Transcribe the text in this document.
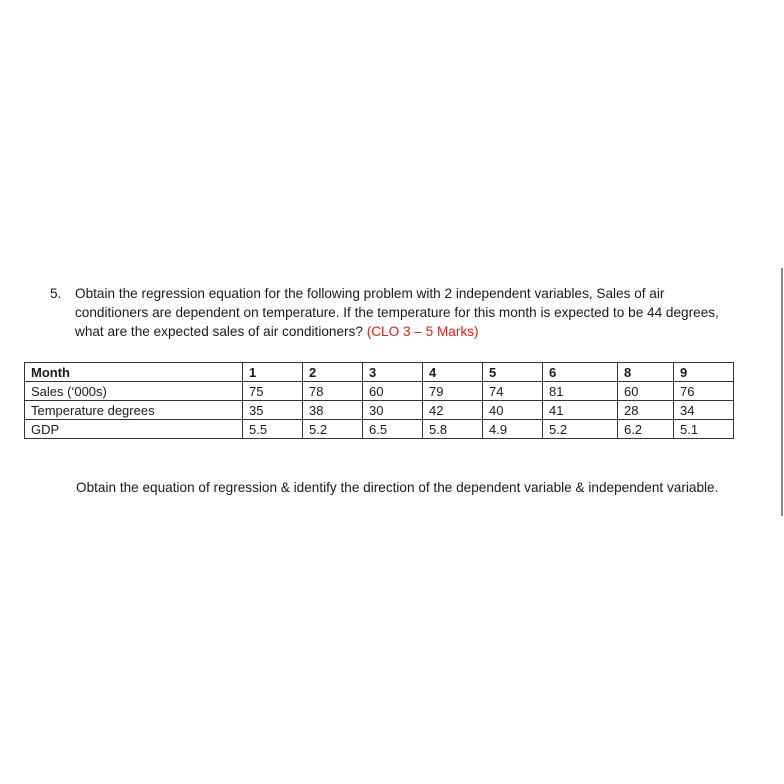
5. Obtain the regression equation for the following problem with 2 independent variables, Sales of air conditioners are dependent on temperature. If the temperature for this month is expected to be 44 degrees, what are the expected sales of air conditioners? (CLO 3 – 5 Marks)
Month	1	2	3	4	5	6	8	9
Sales (‘000s)	75	78	60	79	74	81	60	76
Temperature degrees	35	38	30	42	40	41	28	34
GDP	5.5	5.2	6.5	5.8	4.9	5.2	6.2	5.1
Obtain the equation of regression & identify the direction of the dependent variable & independent variable.
